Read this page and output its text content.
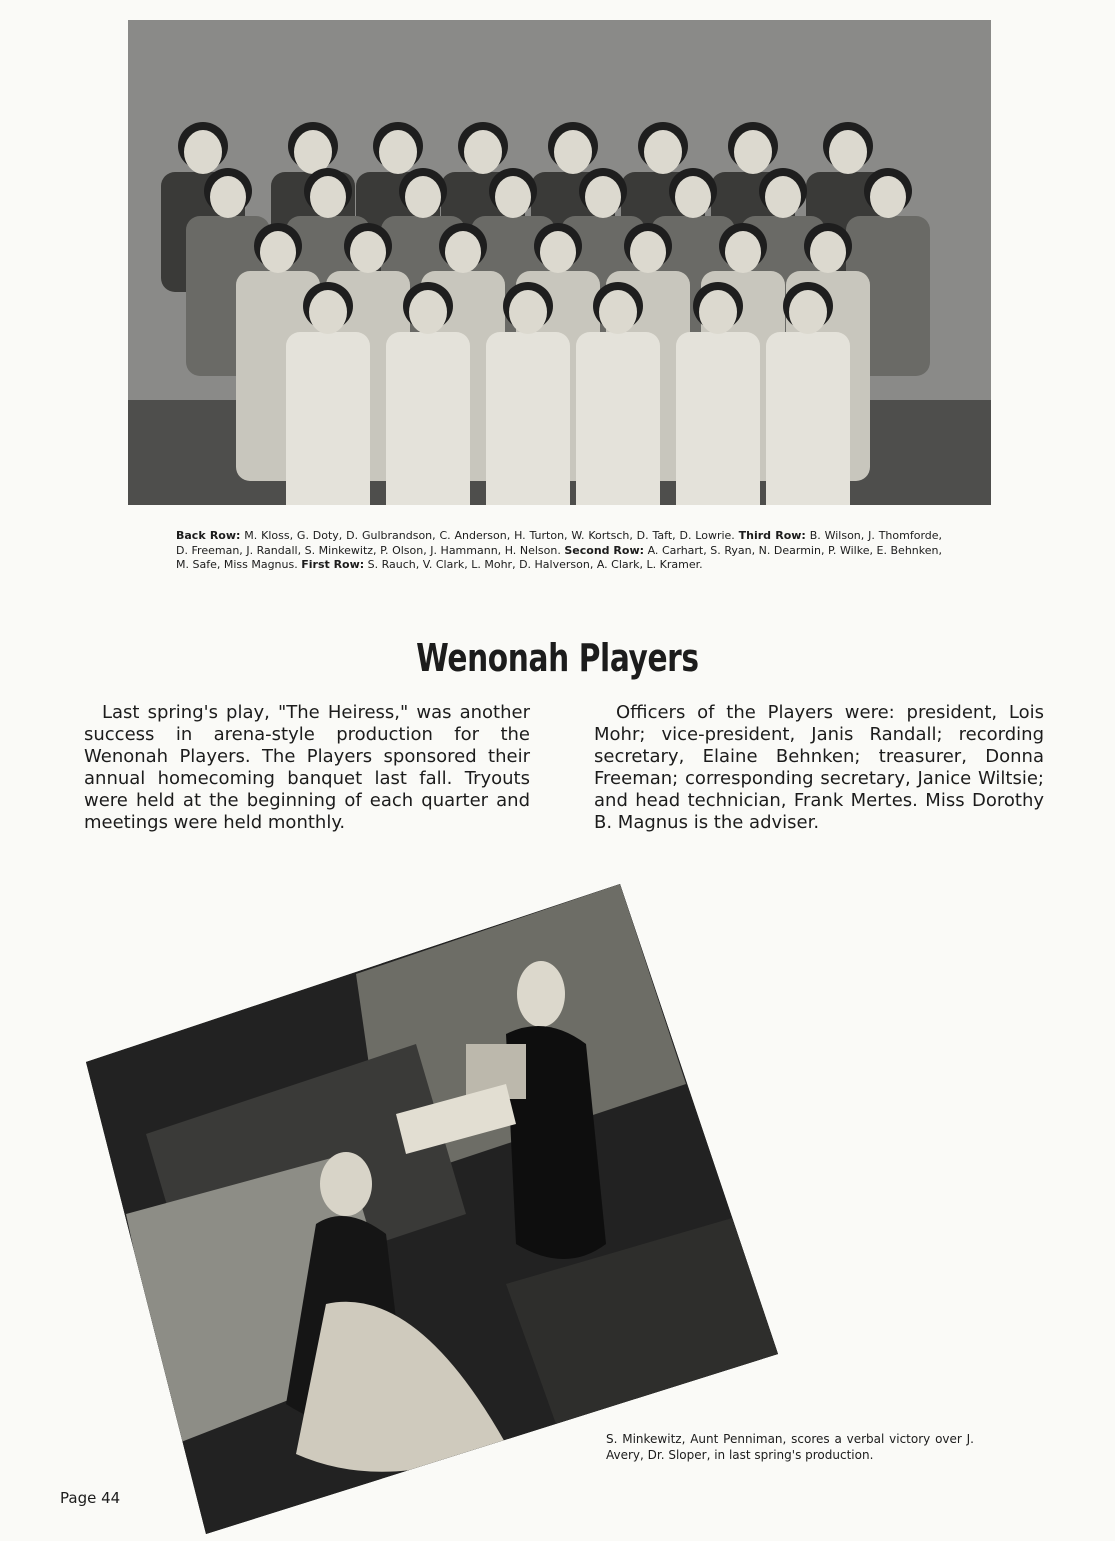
Back Row: M. Kloss, G. Doty, D. Gulbrandson, C. Anderson, H. Turton, W. Kortsch, D. Taft, D. Lowrie. Third Row: B. Wilson, J. Thomforde, D. Freeman, J. Randall, S. Minkewitz, P. Olson, J. Hammann, H. Nelson. Second Row: A. Carhart, S. Ryan, N. Dearmin, P. Wilke, E. Behnken, M. Safe, Miss Magnus. First Row: S. Rauch, V. Clark, L. Mohr, D. Halverson, A. Clark, L. Kramer.
Wenonah Players

Last spring's play, "The Heiress," was another success in arena-style production for the Wenonah Players. The Players sponsored their annual homecoming banquet last fall. Tryouts were held at the beginning of each quarter and meetings were held monthly.

Officers of the Players were: president, Lois Mohr; vice-president, Janis Randall; recording secretary, Elaine Behnken; treasurer, Donna Freeman; corresponding secretary, Janice Wiltsie; and head technician, Frank Mertes. Miss Dorothy B. Magnus is the adviser.

S. Minkewitz, Aunt Penniman, scores a verbal victory over J. Avery, Dr. Sloper, in last spring's production.

Page 44
